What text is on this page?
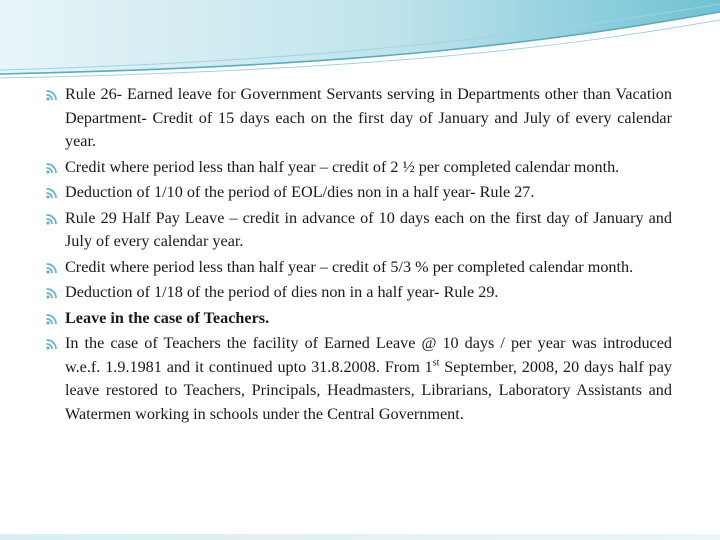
Rule 26- Earned leave for Government Servants serving in Departments other than Vacation Department- Credit of 15 days each on the first day of January and July of every calendar year.
Credit where period less than half year – credit of 2 ½ per completed calendar month.
Deduction of 1/10 of the period of EOL/dies non in a half year- Rule 27.
Rule 29 Half Pay Leave – credit in advance of 10 days each on the first day of January and July of every calendar year.
Credit where period less than half year – credit of 5/3 % per completed calendar month.
Deduction of 1/18 of the period of dies non in a half year- Rule 29.
Leave in the case of Teachers.
In the case of Teachers the facility of Earned Leave @ 10 days / per year was introduced w.e.f. 1.9.1981 and it continued upto 31.8.2008. From 1st September, 2008, 20 days half pay leave restored to Teachers, Principals, Headmasters, Librarians, Laboratory Assistants and Watermen working in schools under the Central Government.
